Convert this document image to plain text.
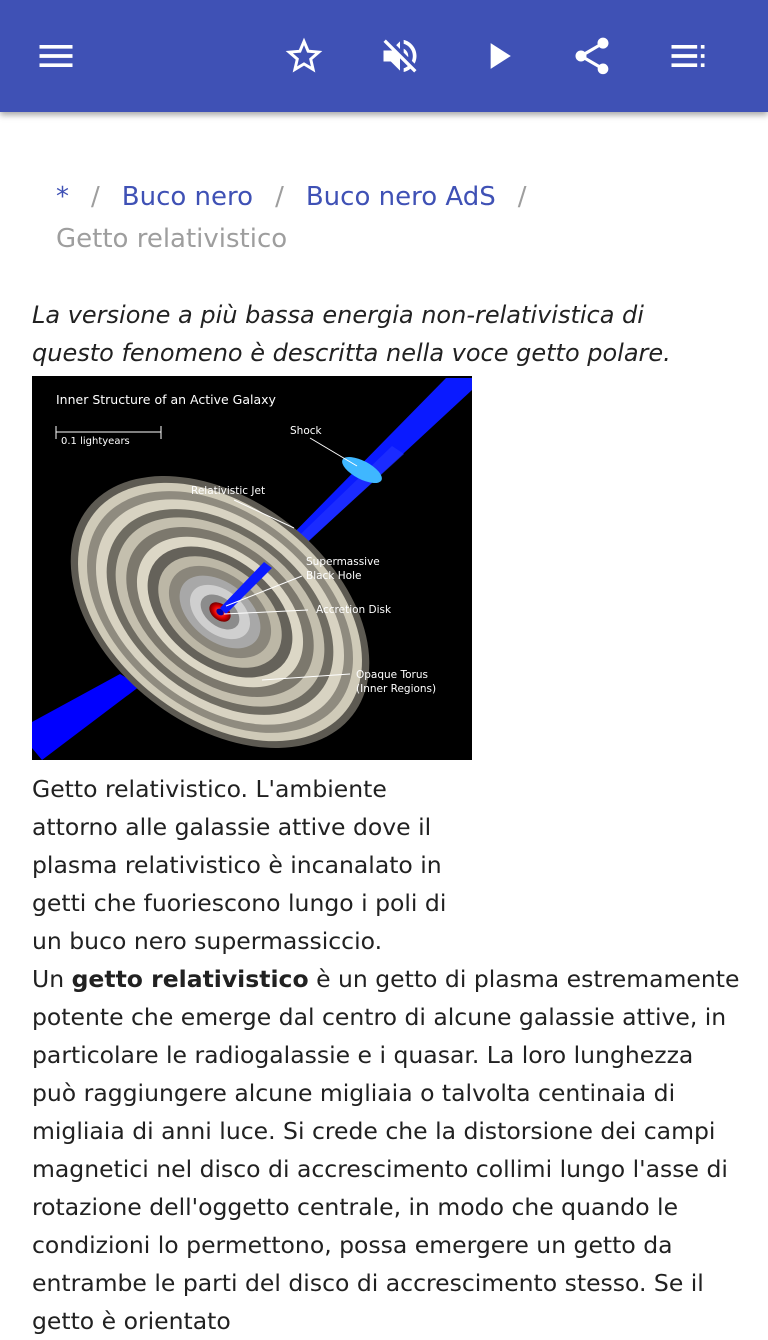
* / Buco nero / Buco nero AdS /
Getto relativistico
La versione a più bassa energia non-relativistica di questo fenomeno è descritta nella voce getto polare.
Inner Structure of an Active Galaxy
0.1 lightyears
Shock
Relativistic Jet
Supermassive
Black Hole
Accretion Disk
Opaque Torus
(Inner Regions)
Getto relativistico. L'ambiente attorno alle galassie attive dove il plasma relativistico è incanalato in getti che fuoriescono lungo i poli di un buco nero supermassiccio.
Un getto relativistico è un getto di plasma estremamente potente che emerge dal centro di alcune galassie attive, in particolare le radiogalassie e i quasar. La loro lunghezza può raggiungere alcune migliaia o talvolta centinaia di migliaia di anni luce. Si crede che la distorsione dei campi magnetici nel disco di accrescimento collimi lungo l'asse di rotazione dell'oggetto centrale, in modo che quando le condizioni lo permettono, possa emergere un getto da entrambe le parti del disco di accrescimento stesso. Se il getto è orientato
